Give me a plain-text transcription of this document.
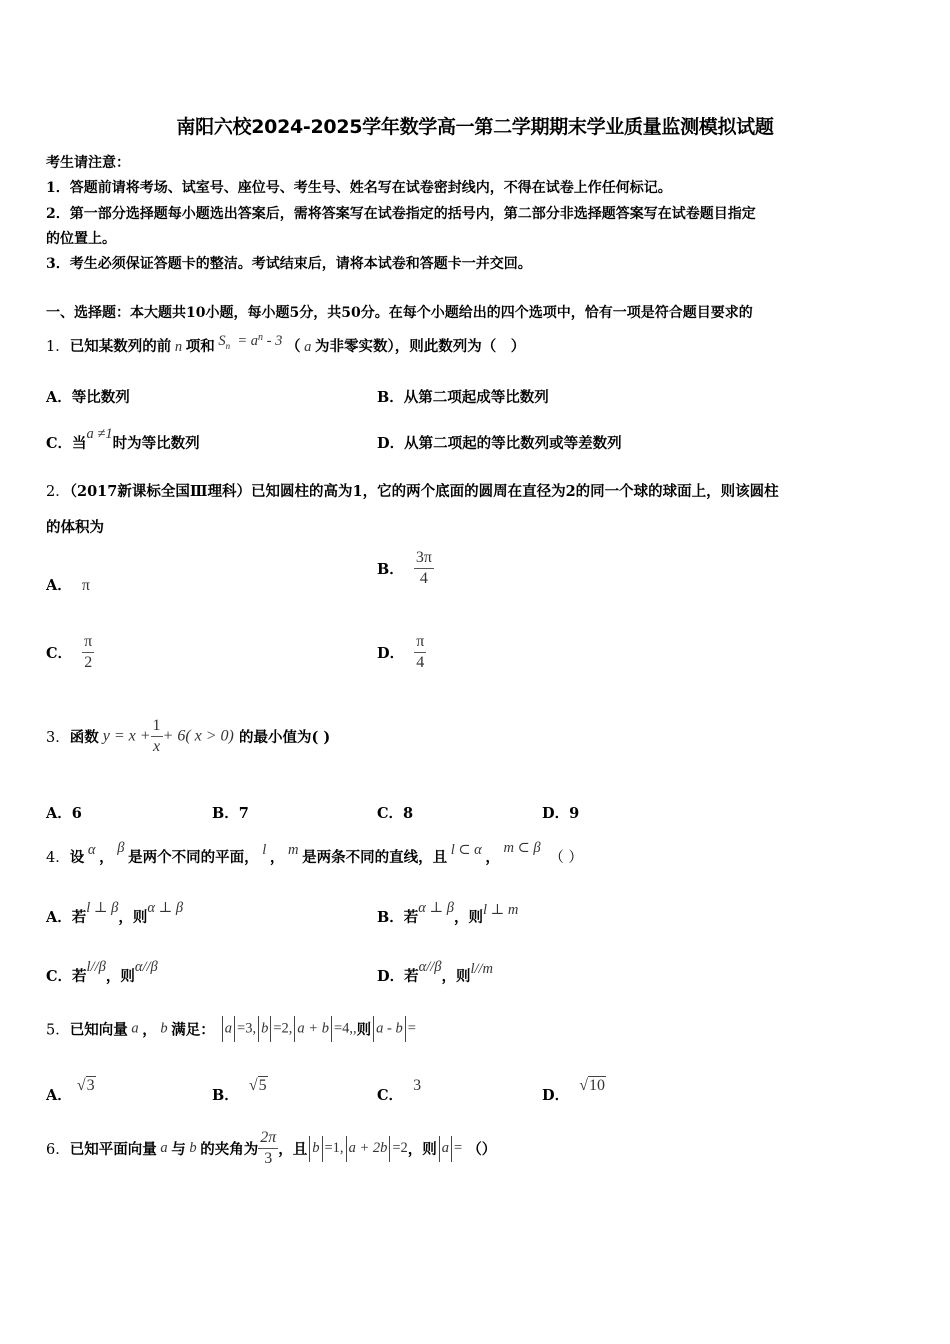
南阳六校2024-2025学年数学高一第二学期期末学业质量监测模拟试题
考生请注意：
1．答题前请将考场、试室号、座位号、考生号、姓名写在试卷密封线内，不得在试卷上作任何标记。
2．第一部分选择题每小题选出答案后，需将答案写在试卷指定的括号内，第二部分非选择题答案写在试卷题目指定
的位置上。
3．考生必须保证答题卡的整洁。考试结束后，请将本试卷和答题卡一并交回。
一、选择题：本大题共10小题，每小题5分，共50分。在每个小题给出的四个选项中，恰有一项是符合题目要求的
1．已知某数列的前 n 项和 $S_n = a^n - 3$ （ a 为非零实数），则此数列为（　）
A．等比数列	B．从第二项起成等比数列
C．当a ≠1时为等比数列	D．从第二项起的等比数列或等差数列
2．（2017新课标全国Ⅲ理科）已知圆柱的高为1，它的两个底面的圆周在直径为2的同一个球的球面上，则该圆柱
的体积为
A． π
B． $\frac{3\pi}{4}$
C． $\frac{\pi}{2}$	D． $\frac{\pi}{4}$
3．函数 $y = x + \frac{1}{x} + 6$( x > 0) 的最小值为( )
A．6	B．7	C．8	D．9
4．设 α ， β 是两个不同的平面， l ， m 是两条不同的直线，且 l ⊂ α ， m ⊂ β  （ ）
A．若l ⊥ β，则α ⊥ β
B．若α ⊥ β，则l ⊥ m
C．若l//β，则α//β
D．若α//β，则l//m
5．已知向量 a ， b 满足： a =3, b =2, a + b =4,,则 a - b =
A． √3
B．  √5
C．  3
D．  √10
6．已知平面向量 a 与 b 的夹角为 $\frac{2\pi}{3}$ ，且 b =1, a + 2b =2，则 a = （）
